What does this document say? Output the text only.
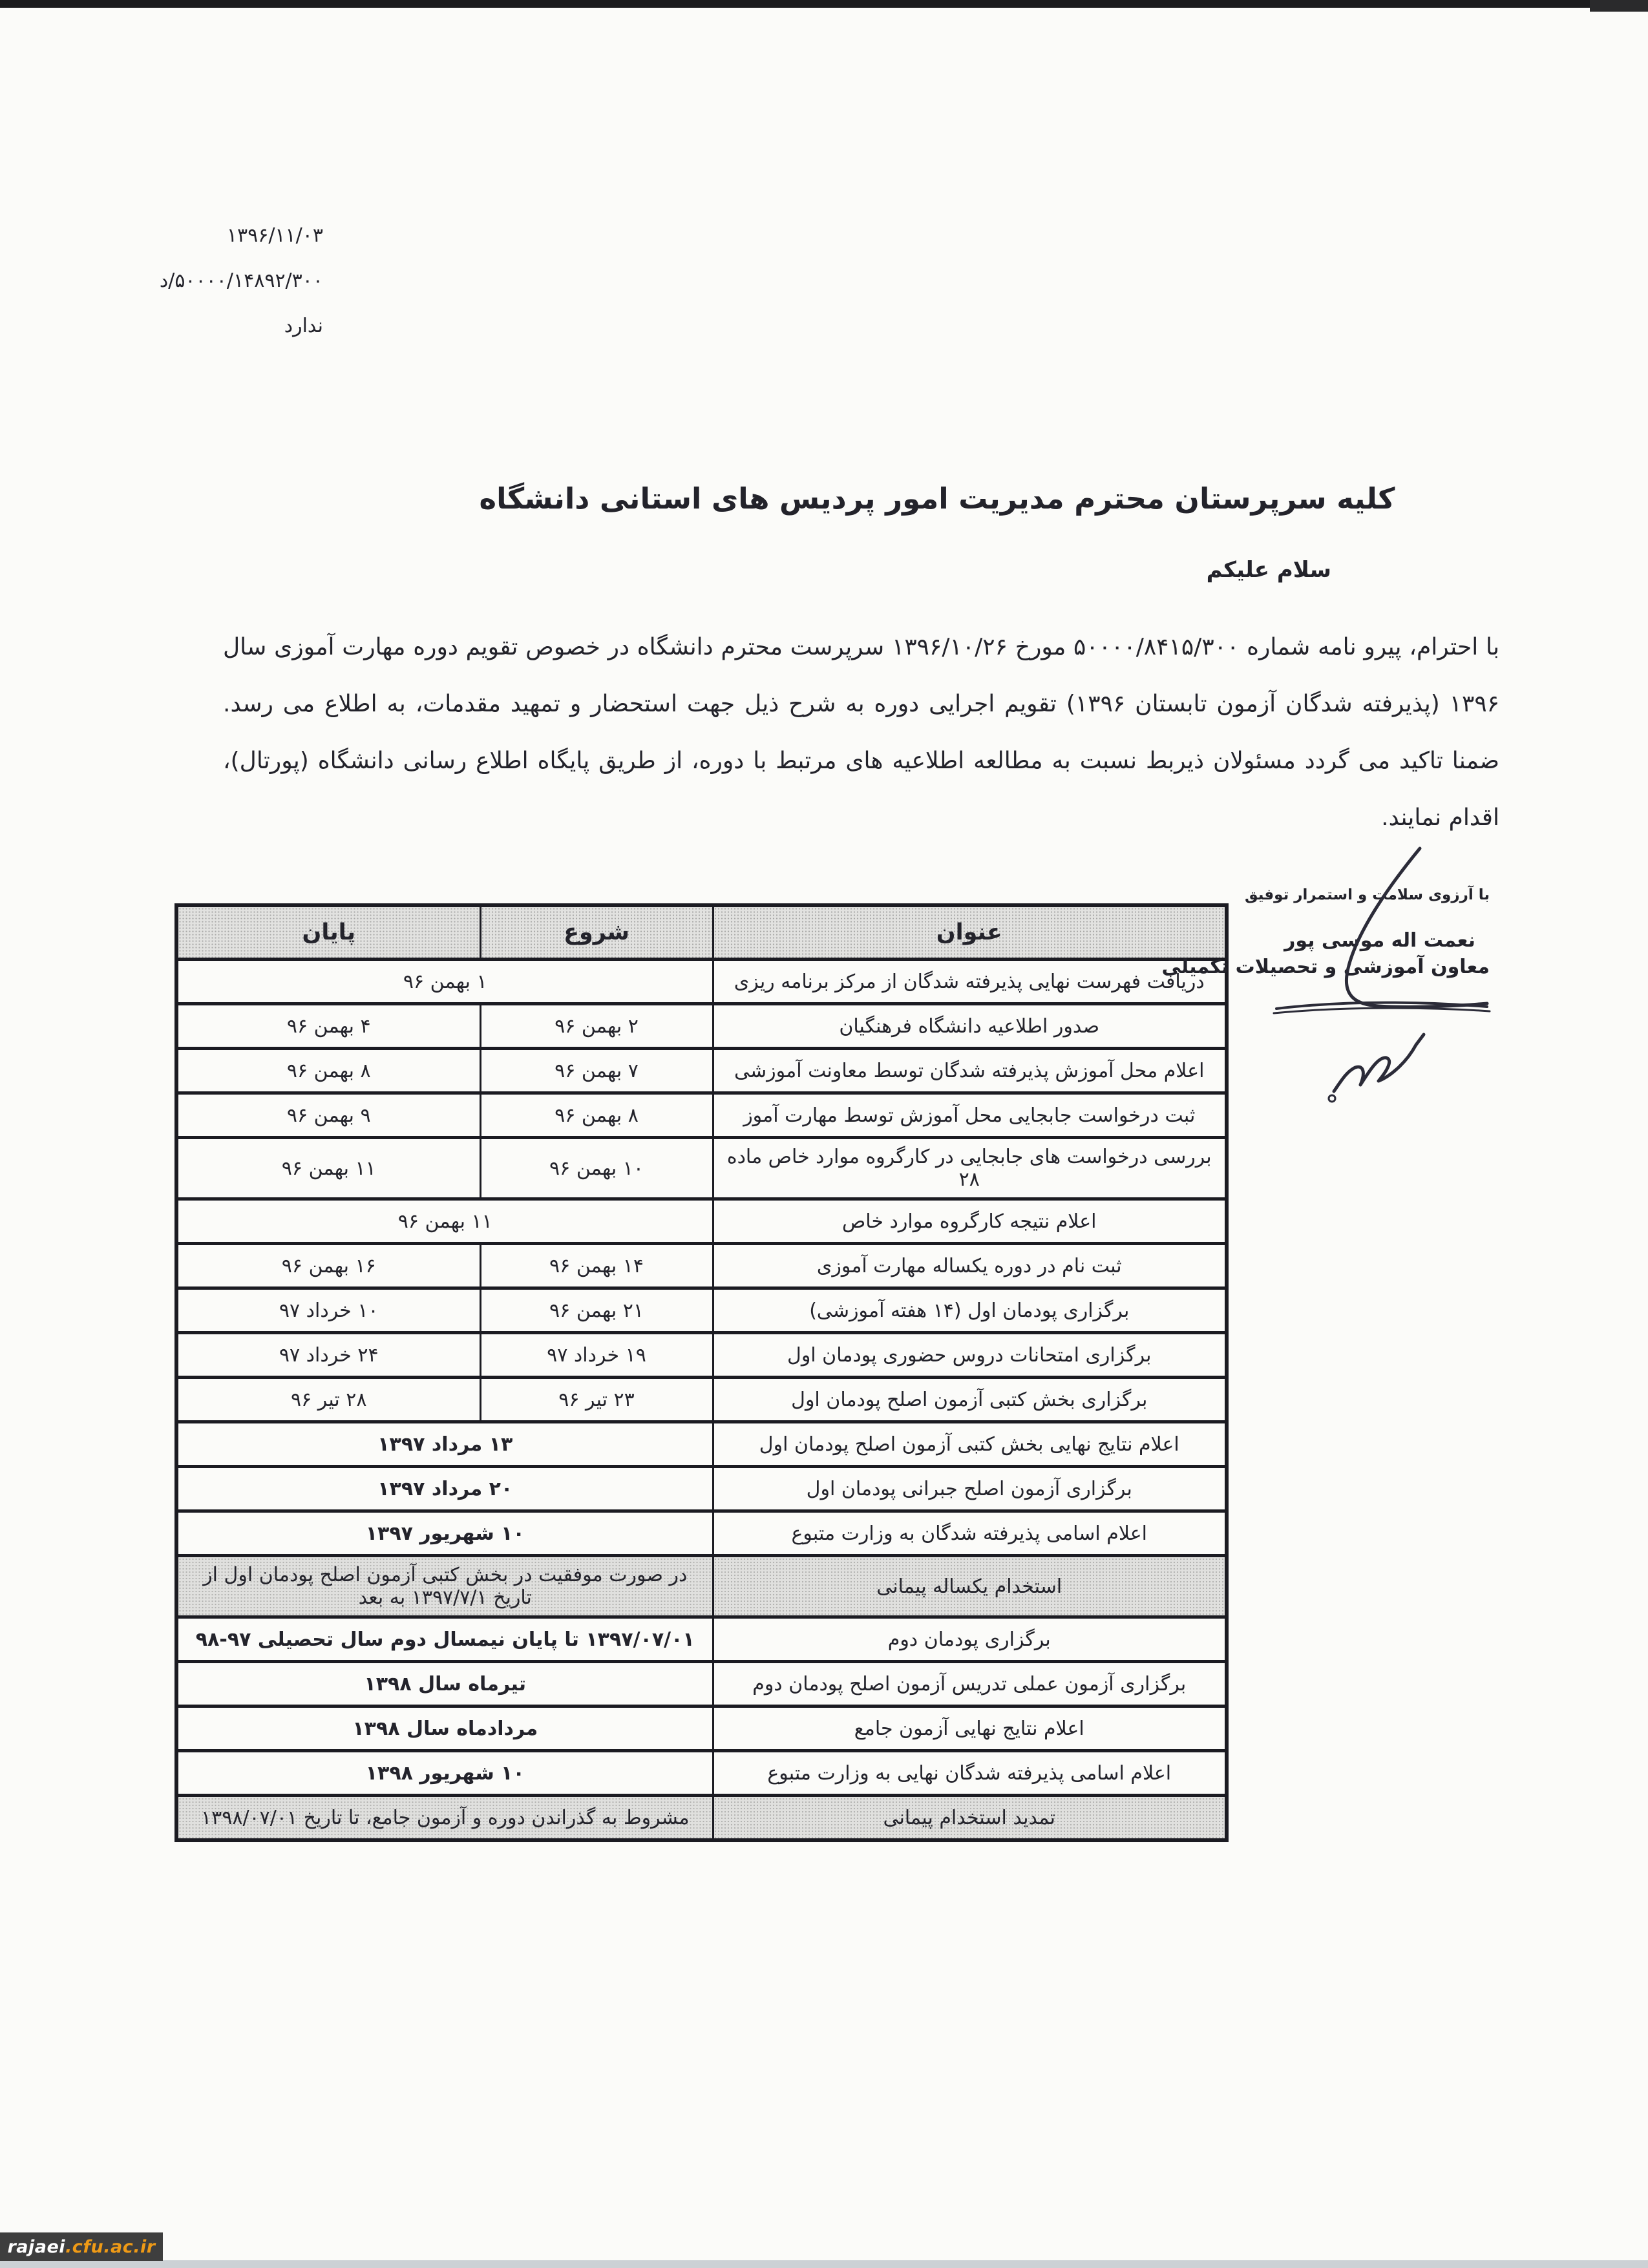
۱۳۹۶/۱۱/۰۳
۵۰۰۰۰/۱۴۸۹۲/۳۰۰/د
ندارد
کلیه سرپرستان محترم مدیریت امور پردیس های استانی دانشگاه
سلام علیکم
با احترام، پیرو نامه شماره ۵۰۰۰۰/۸۴۱۵/۳۰۰ مورخ ۱۳۹۶/۱۰/۲۶ سرپرست محترم دانشگاه در خصوص تقویم دوره مهارت آموزی سال ۱۳۹۶ (پذیرفته شدگان آزمون تابستان ۱۳۹۶) تقویم اجرایی دوره به شرح ذیل جهت استحضار و تمهید مقدمات، به اطلاع می رسد. ضمنا تاکید می گردد مسئولان ذیربط نسبت به مطالعه اطلاعیه های مرتبط با دوره، از طریق پایگاه اطلاع رسانی دانشگاه (پورتال)، اقدام نمایند.
با آرزوی سلامت و استمرار توفیق
نعمت اله موسی پور
معاون آموزشی و تحصیلات تکمیلی
عنوان	شروع	پایان
دریافت فهرست نهایی پذیرفته شدگان از مرکز برنامه ریزی	۱ بهمن ۹۶	
صدور اطلاعیه دانشگاه فرهنگیان	۲ بهمن ۹۶	۴ بهمن ۹۶
اعلام محل آموزش پذیرفته شدگان توسط معاونت آموزشی	۷ بهمن ۹۶	۸ بهمن ۹۶
ثبت درخواست جابجایی محل آموزش توسط مهارت آموز	۸ بهمن ۹۶	۹ بهمن ۹۶
بررسی درخواست های جابجایی در کارگروه موارد خاص ماده ۲۸	۱۰ بهمن ۹۶	۱۱ بهمن ۹۶
اعلام نتیجه کارگروه موارد خاص	۱۱ بهمن ۹۶	
ثبت نام در دوره یکساله مهارت آموزی	۱۴ بهمن ۹۶	۱۶ بهمن ۹۶
برگزاری پودمان اول (۱۴ هفته آموزشی)	۲۱ بهمن ۹۶	۱۰ خرداد ۹۷
برگزاری امتحانات دروس حضوری پودمان اول	۱۹ خرداد ۹۷	۲۴ خرداد ۹۷
برگزاری بخش کتبی آزمون اصلح پودمان اول	۲۳ تیر ۹۶	۲۸ تیر ۹۶
اعلام نتایج نهایی بخش کتبی آزمون اصلح پودمان اول	۱۳ مرداد ۱۳۹۷	
برگزاری آزمون اصلح جبرانی پودمان اول	۲۰ مرداد ۱۳۹۷	
اعلام اسامی پذیرفته شدگان به وزارت متبوع	۱۰ شهریور ۱۳۹۷	
استخدام یکساله پیمانی	در صورت موفقیت در بخش کتبی آزمون اصلح پودمان اول از تاریخ ۱۳۹۷/۷/۱ به بعد	
برگزاری پودمان دوم	۱۳۹۷/۰۷/۰۱ تا پایان نیمسال دوم سال تحصیلی ۹۷-۹۸	
برگزاری آزمون عملی تدریس آزمون اصلح پودمان دوم	تیرماه سال ۱۳۹۸	
اعلام نتایج نهایی آزمون جامع	مردادماه سال ۱۳۹۸	
اعلام اسامی پذیرفته شدگان نهایی به وزارت متبوع	۱۰ شهریور ۱۳۹۸	
تمدید استخدام پیمانی	مشروط به گذراندن دوره و آزمون جامع، تا تاریخ ۱۳۹۸/۰۷/۰۱	
rajaei .cfu.ac.ir
